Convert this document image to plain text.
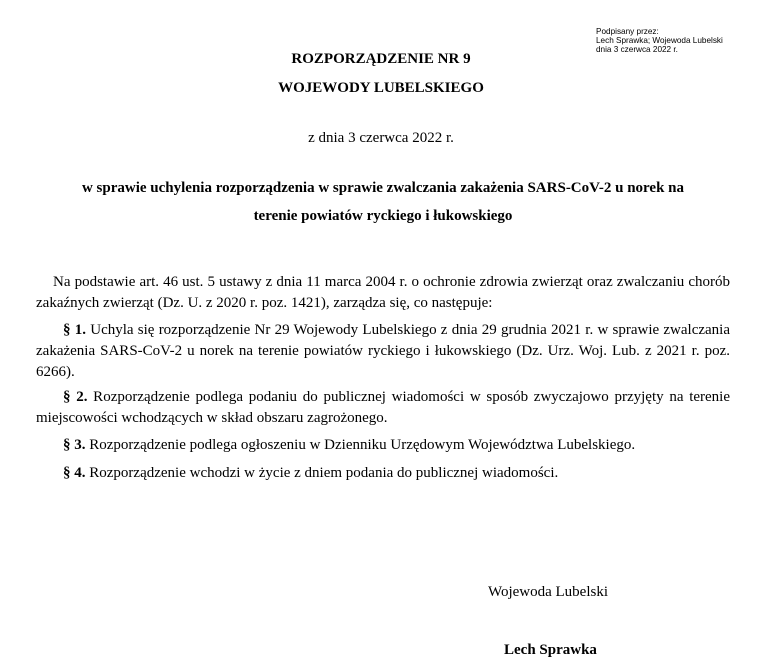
Podpisany przez:
Lech Sprawka; Wojewoda Lubelski
dnia 3 czerwca 2022 r.
ROZPORZĄDZENIE NR 9
WOJEWODY LUBELSKIEGO
z dnia 3 czerwca 2022 r.
w sprawie uchylenia rozporządzenia w sprawie zwalczania zakażenia SARS-CoV-2 u norek na
terenie powiatów ryckiego i łukowskiego
Na podstawie art. 46 ust. 5 ustawy z dnia 11 marca 2004 r. o ochronie zdrowia zwierząt oraz zwalczaniu chorób zakaźnych zwierząt (Dz. U. z 2020 r. poz. 1421), zarządza się, co następuje:
§ 1. Uchyla się rozporządzenie Nr 29 Wojewody Lubelskiego z dnia 29 grudnia 2021 r. w sprawie zwalczania zakażenia SARS-CoV-2 u norek na terenie powiatów ryckiego i łukowskiego (Dz. Urz. Woj. Lub. z 2021 r. poz. 6266).
§ 2. Rozporządzenie podlega podaniu do publicznej wiadomości w sposób zwyczajowo przyjęty na terenie miejscowości wchodzących w skład obszaru zagrożonego.
§ 3. Rozporządzenie podlega ogłoszeniu w Dzienniku Urzędowym Województwa Lubelskiego.
§ 4. Rozporządzenie wchodzi w życie z dniem podania do publicznej wiadomości.
Wojewoda Lubelski
Lech Sprawka
